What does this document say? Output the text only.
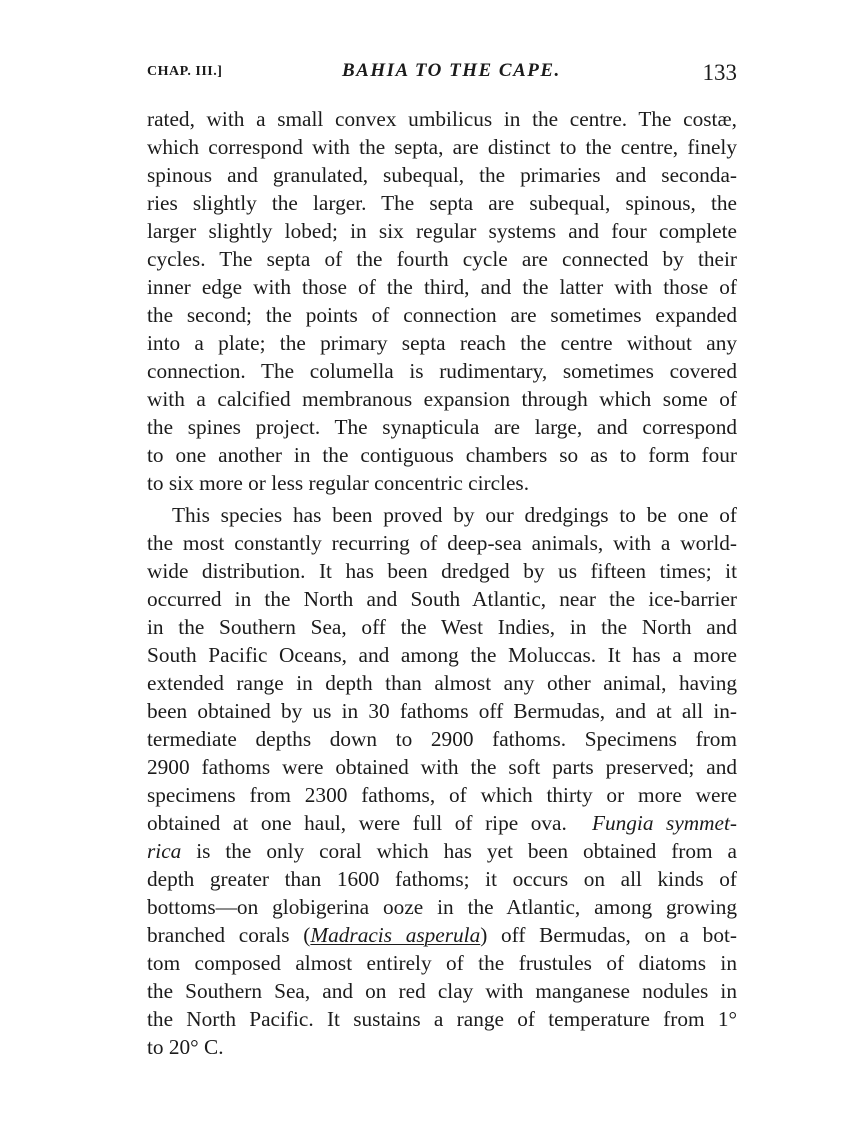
CHAP. III.]	BAHIA TO THE CAPE.	133
rated, with a small convex umbilicus in the centre. The costæ,
which correspond with the septa, are distinct to the centre, finely
spinous and granulated, subequal, the primaries and seconda-
ries slightly the larger. The septa are subequal, spinous, the
larger slightly lobed; in six regular systems and four complete
cycles. The septa of the fourth cycle are connected by their
inner edge with those of the third, and the latter with those of
the second; the points of connection are sometimes expanded
into a plate; the primary septa reach the centre without any
connection. The columella is rudimentary, sometimes covered
with a calcified membranous expansion through which some of
the spines project. The synapticula are large, and correspond
to one another in the contiguous chambers so as to form four
to six more or less regular concentric circles.
This species has been proved by our dredgings to be one of
the most constantly recurring of deep-sea animals, with a world-
wide distribution. It has been dredged by us fifteen times; it
occurred in the North and South Atlantic, near the ice-barrier
in the Southern Sea, off the West Indies, in the North and
South Pacific Oceans, and among the Moluccas. It has a more
extended range in depth than almost any other animal, having
been obtained by us in 30 fathoms off Bermudas, and at all in-
termediate depths down to 2900 fathoms. Specimens from
2900 fathoms were obtained with the soft parts preserved; and
specimens from 2300 fathoms, of which thirty or more were
obtained at one haul, were full of ripe ova.  Fungia symmet-
rica is the only coral which has yet been obtained from a
depth greater than 1600 fathoms; it occurs on all kinds of
bottoms—on globigerina ooze in the Atlantic, among growing
branched corals (Madracis asperula) off Bermudas, on a bot-
tom composed almost entirely of the frustules of diatoms in
the Southern Sea, and on red clay with manganese nodules in
the North Pacific. It sustains a range of temperature from 1°
to 20° C.
